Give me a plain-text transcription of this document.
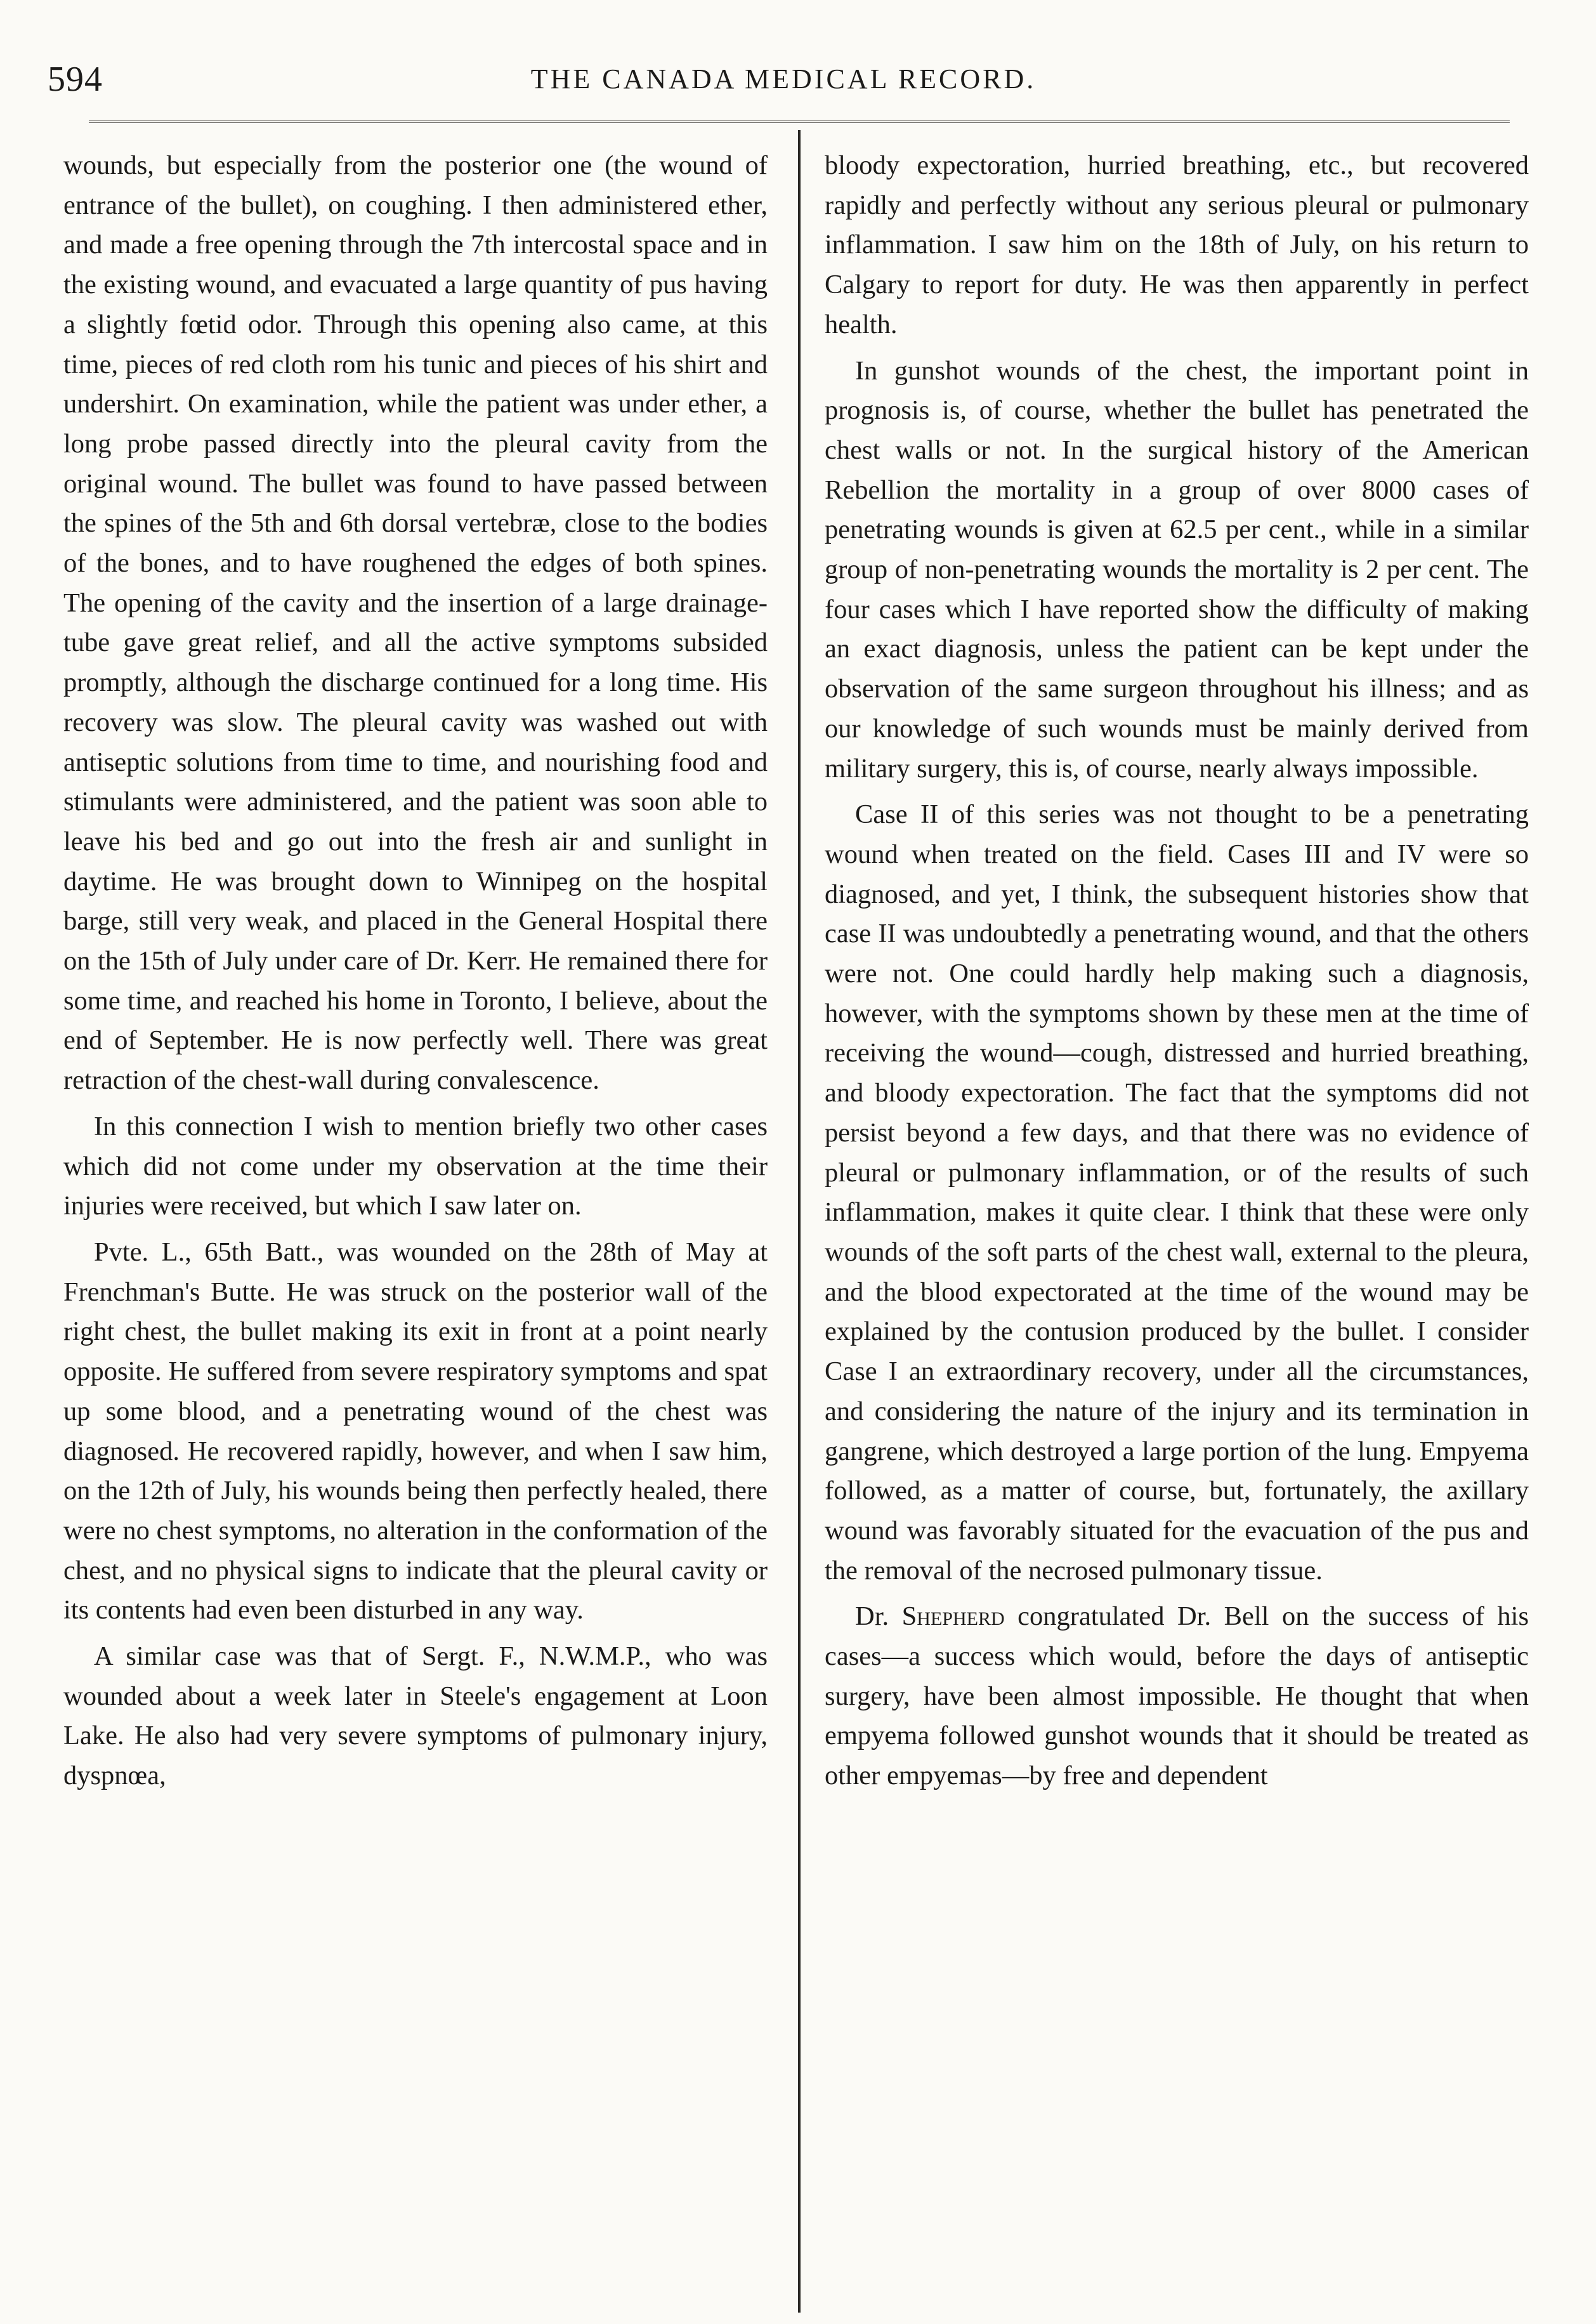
594	THE CANADA MEDICAL RECORD.

wounds, but especially from the posterior one (the wound of entrance of the bullet), on coughing. I then administered ether, and made a free opening through the 7th intercostal space and in the existing wound, and evacuated a large quantity of pus having a slightly fœtid odor. Through this opening also came, at this time, pieces of red cloth rom his tunic and pieces of his shirt and undershirt. On examination, while the patient was under ether, a long probe passed directly into the pleural cavity from the original wound. The bullet was found to have passed between the spines of the 5th and 6th dorsal vertebræ, close to the bodies of the bones, and to have roughened the edges of both spines. The opening of the cavity and the insertion of a large drainage-tube gave great relief, and all the active symptoms subsided promptly, although the discharge continued for a long time. His recovery was slow. The pleural cavity was washed out with antiseptic solutions from time to time, and nourishing food and stimulants were administered, and the patient was soon able to leave his bed and go out into the fresh air and sunlight in daytime. He was brought down to Winnipeg on the hospital barge, still very weak, and placed in the General Hospital there on the 15th of July under care of Dr. Kerr. He remained there for some time, and reached his home in Toronto, I believe, about the end of September. He is now perfectly well. There was great retraction of the chest-wall during convalescence.

In this connection I wish to mention briefly two other cases which did not come under my observation at the time their injuries were received, but which I saw later on.

Pvte. L., 65th Batt., was wounded on the 28th of May at Frenchman's Butte. He was struck on the posterior wall of the right chest, the bullet making its exit in front at a point nearly opposite. He suffered from severe respiratory symptoms and spat up some blood, and a penetrating wound of the chest was diagnosed. He recovered rapidly, however, and when I saw him, on the 12th of July, his wounds being then perfectly healed, there were no chest symptoms, no alteration in the conformation of the chest, and no physical signs to indicate that the pleural cavity or its contents had even been disturbed in any way.

A similar case was that of Sergt. F., N.W.M.P., who was wounded about a week later in Steele's engagement at Loon Lake. He also had very severe symptoms of pulmonary injury, dyspnœa,

bloody expectoration, hurried breathing, etc., but recovered rapidly and perfectly without any serious pleural or pulmonary inflammation. I saw him on the 18th of July, on his return to Calgary to report for duty. He was then apparently in perfect health.

In gunshot wounds of the chest, the important point in prognosis is, of course, whether the bullet has penetrated the chest walls or not. In the surgical history of the American Rebellion the mortality in a group of over 8000 cases of penetrating wounds is given at 62.5 per cent., while in a similar group of non-penetrating wounds the mortality is 2 per cent. The four cases which I have reported show the difficulty of making an exact diagnosis, unless the patient can be kept under the observation of the same surgeon throughout his illness; and as our knowledge of such wounds must be mainly derived from military surgery, this is, of course, nearly always impossible.

Case II of this series was not thought to be a penetrating wound when treated on the field. Cases III and IV were so diagnosed, and yet, I think, the subsequent histories show that case II was undoubtedly a penetrating wound, and that the others were not. One could hardly help making such a diagnosis, however, with the symptoms shown by these men at the time of receiving the wound—cough, distressed and hurried breathing, and bloody expectoration. The fact that the symptoms did not persist beyond a few days, and that there was no evidence of pleural or pulmonary inflammation, or of the results of such inflammation, makes it quite clear. I think that these were only wounds of the soft parts of the chest wall, external to the pleura, and the blood expectorated at the time of the wound may be explained by the contusion produced by the bullet. I consider Case I an extraordinary recovery, under all the circumstances, and considering the nature of the injury and its termination in gangrene, which destroyed a large portion of the lung. Empyema followed, as a matter of course, but, fortunately, the axillary wound was favorably situated for the evacuation of the pus and the removal of the necrosed pulmonary tissue.

Dr. Shepherd congratulated Dr. Bell on the success of his cases—a success which would, before the days of antiseptic surgery, have been almost impossible. He thought that when empyema followed gunshot wounds that it should be treated as other empyemas—by free and dependent
